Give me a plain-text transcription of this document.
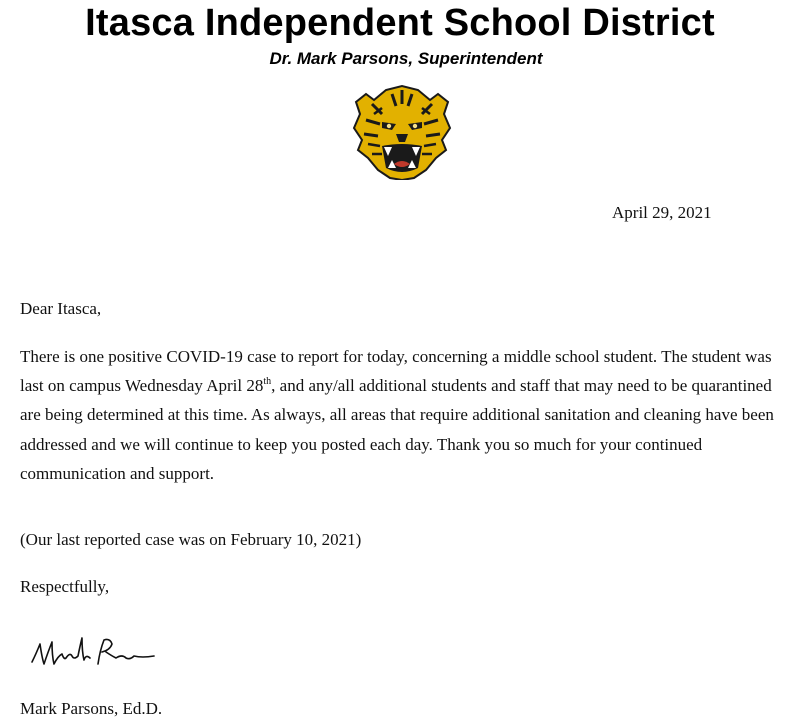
Itasca Independent School District
Dr. Mark Parsons, Superintendent
April 29, 2021
Dear Itasca,
There is one positive COVID-19 case to report for today, concerning a middle school student. The student was last on campus Wednesday April 28th, and any/all additional students and staff that may need to be quarantined are being determined at this time. As always, all areas that require additional sanitation and cleaning have been addressed and we will continue to keep you posted each day. Thank you so much for your continued communication and support.
(Our last reported case was on February 10, 2021)
Respectfully,
Mark Parsons, Ed.D.
